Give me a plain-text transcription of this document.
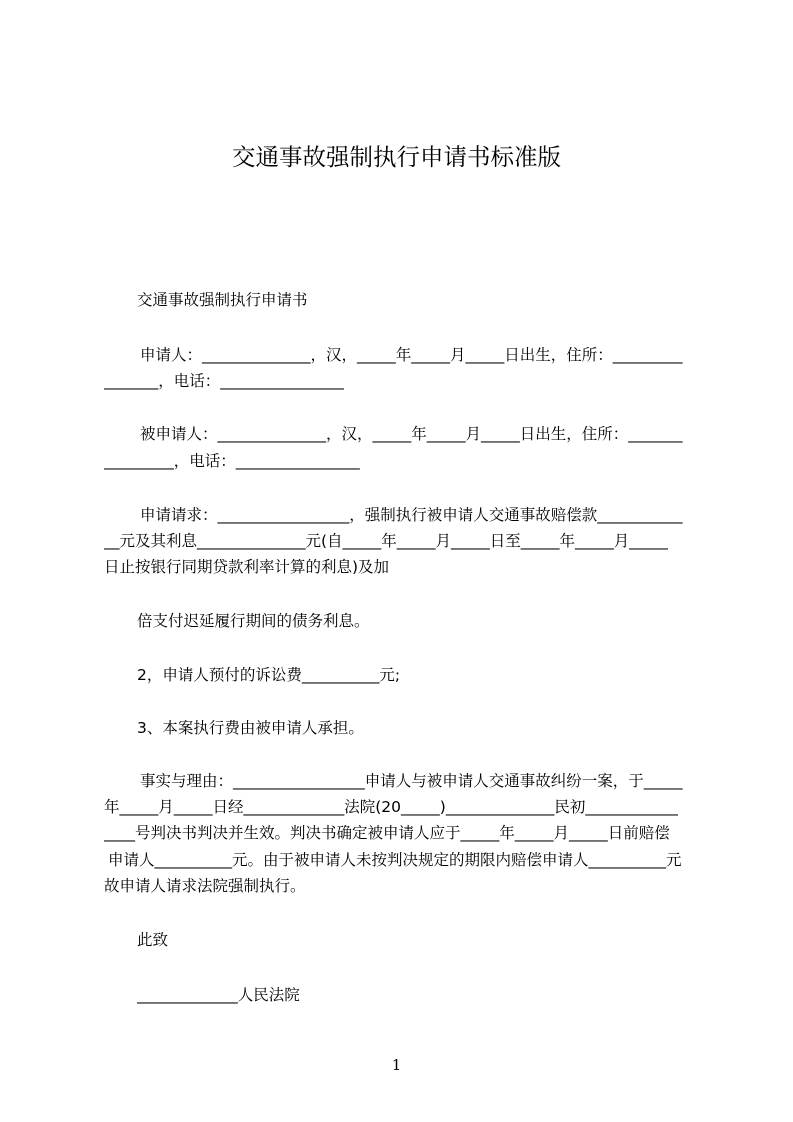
交通事故强制执行申请书标准版
交通事故强制执行申请书
申请人：______________，汉，_____年_____月_____日出生，住所：_________
_______，电话：________________
被申请人：______________，汉，_____年_____月_____日出生，住所：_______
_________，电话：________________
申请请求：_________________，强制执行被申请人交通事故赔偿款___________
__元及其利息______________元(自_____年_____月_____日至_____年_____月_____
日止按银行同期贷款利率计算的利息)及加
倍支付迟延履行期间的债务利息。
2，申请人预付的诉讼费__________元;
3、本案执行费由被申请人承担。
事实与理由：_________________申请人与被申请人交通事故纠纷一案，于_____
年_____月_____日经_____________法院(20_____)______________民初____________
____号判决书判决并生效。判决书确定被申请人应于_____年_____月_____日前赔偿
申请人__________元。由于被申请人未按判决规定的期限内赔偿申请人__________元
故申请人请求法院强制执行。
此致
_____________人民法院
1
